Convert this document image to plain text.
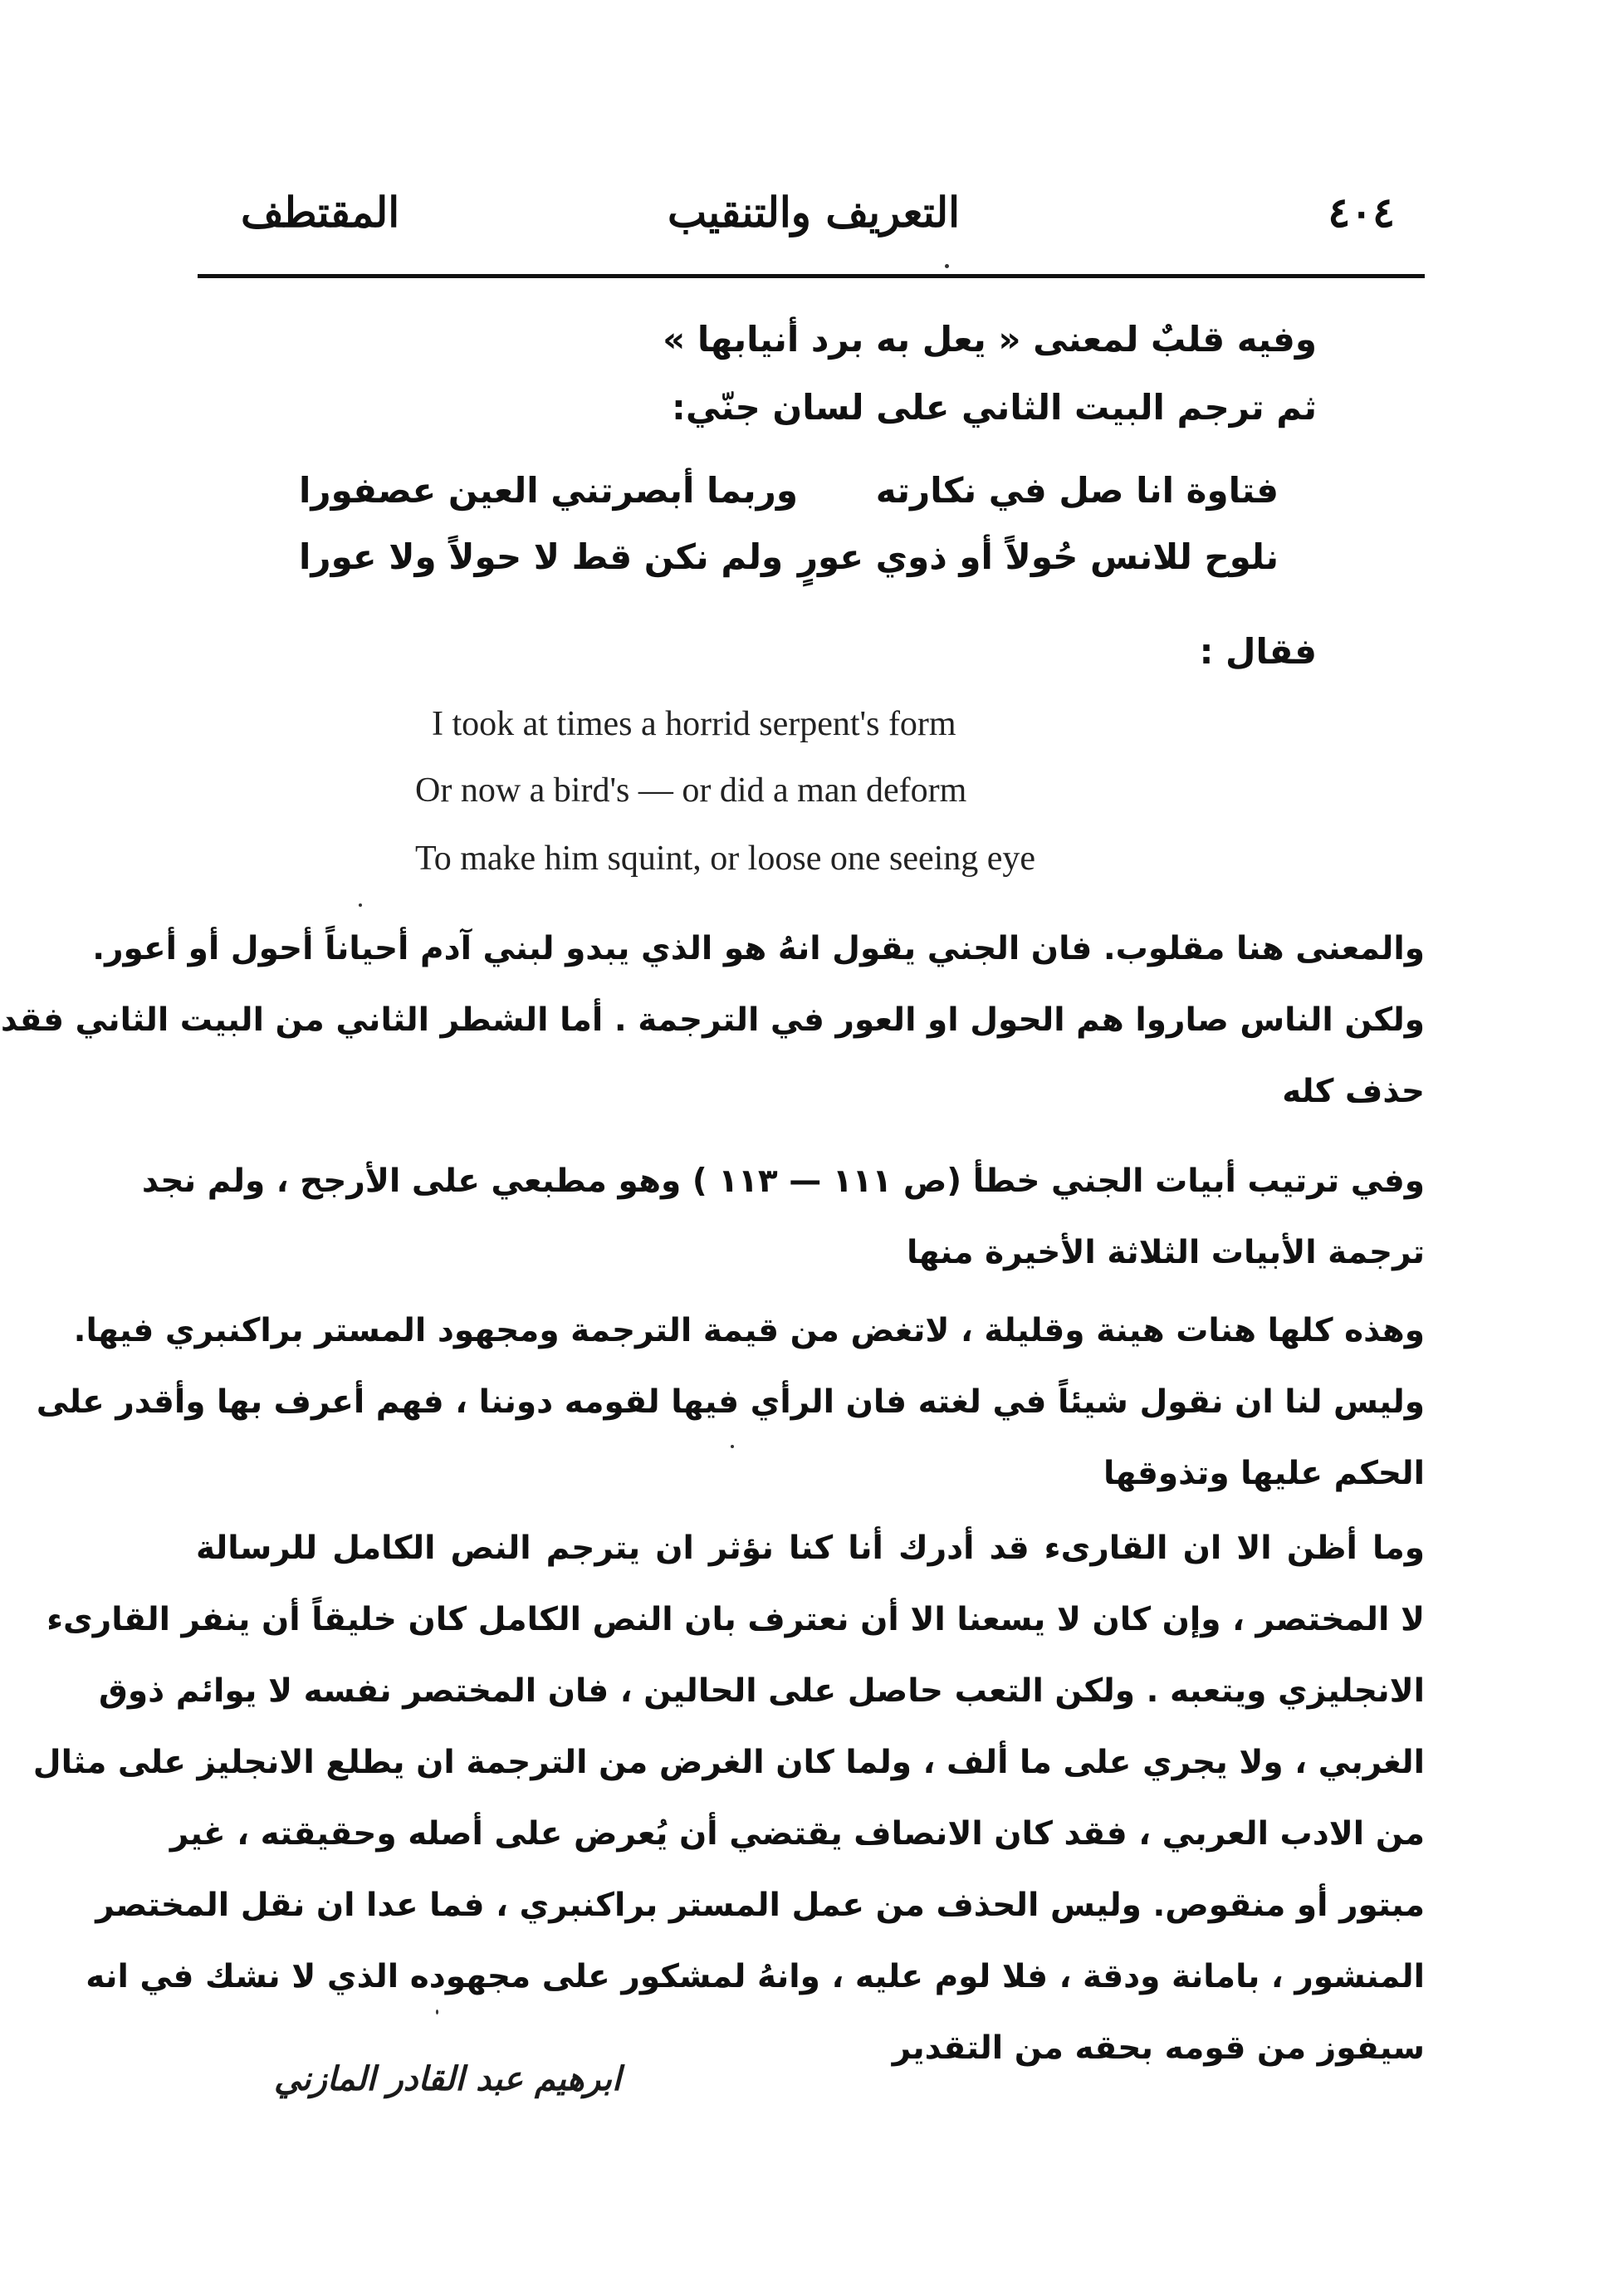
المقتطف	التعريف والتنقيب	٤٠٤
وفيه قلبٌ لمعنى « يعل به برد أنيابها »
ثم ترجم البيت الثاني على لسان جنّي:
فتاوة انا صل في نكارته
وربما أبصرتني العين عصفورا
نلوح للانس حُولاً أو ذوي عورٍ
ولم نكن قط لا حولاً ولا عورا
فقال :
I took at times a horrid serpent's form
Or now a bird's — or did a man deform
To make him squint, or loose one seeing eye
والمعنى هنا مقلوب. فان الجني يقول انهُ هو الذي يبدو لبني آدم أحياناً أحول أو أعور.
ولكن الناس صاروا هم الحول او العور في الترجمة . أما الشطر الثاني من البيت الثاني فقد
حذف كله
وفي ترتيب أبيات الجني خطأ (ص ١١١ — ١١٣ ) وهو مطبعي على الأرجح ، ولم نجد
ترجمة الأبيات الثلاثة الأخيرة منها
وهذه كلها هنات هينة وقليلة ، لاتغض من قيمة الترجمة ومجهود المستر براكنبري فيها.
وليس لنا ان نقول شيئاً في لغته فان الرأي فيها لقومه دوننا ، فهم أعرف بها وأقدر على
الحكم عليها وتذوقها
وما أظن الا ان القارىء قد أدرك أنا كنا نؤثر ان يترجم النص الكامل للرسالة
لا المختصر ، وإن كان لا يسعنا الا أن نعترف بان النص الكامل كان خليقاً أن ينفر القارىء
الانجليزي ويتعبه . ولكن التعب حاصل على الحالين ، فان المختصر نفسه لا يوائم ذوق
الغربي ، ولا يجري على ما ألف ، ولما كان الغرض من الترجمة ان يطلع الانجليز على مثال
من الادب العربي ، فقد كان الانصاف يقتضي أن يُعرض على أصله وحقيقته ، غير
مبتور أو منقوص. وليس الحذف من عمل المستر براكنبري ، فما عدا ان نقل المختصر
المنشور ، بامانة ودقة ، فلا لوم عليه ، وانهُ لمشكور على مجهوده الذي لا نشك في انه
سيفوز من قومه بحقه من التقدير
ابرهيم عبد القادر المازني
